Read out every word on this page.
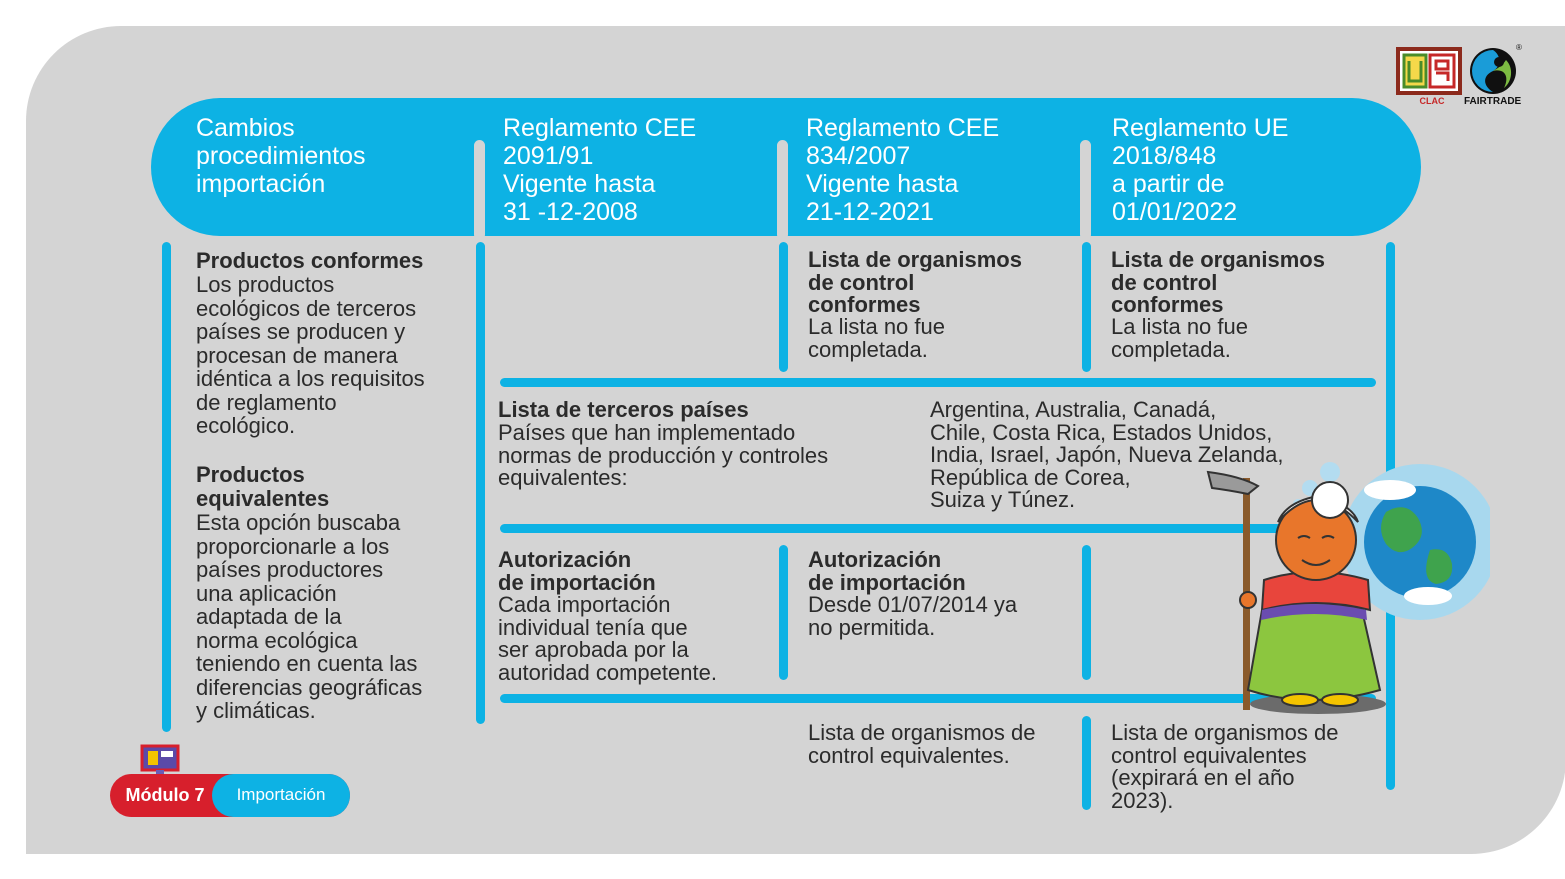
Cambios
procedimientos
importación
Reglamento CEE
2091/91
Vigente hasta
31 -12-2008
Reglamento CEE
834/2007
Vigente hasta
21-12-2021
Reglamento UE
2018/848
a partir de
01/01/2022
Productos conformes
Los productos
ecológicos de terceros
países se producen y
procesan de manera
idéntica a los requisitos
de reglamento
ecológico.
Productos
equivalentes
Esta opción buscaba
proporcionarle a los
países productores
una aplicación
adaptada de la
norma ecológica
teniendo en cuenta las
diferencias geográficas
y climáticas.
Lista de organismos
de control
conformes
La lista no fue
completada.
Lista de organismos
de control
conformes
La lista no fue
completada.
Lista de terceros países
Países que han implementado
normas de producción y controles
equivalentes:
Argentina, Australia, Canadá,
Chile, Costa Rica, Estados Unidos,
India, Israel, Japón, Nueva Zelanda,
República de Corea,
Suiza y Túnez.
Autorización
de importación
Cada importación
individual tenía que
ser aprobada por la
autoridad competente.
Autorización
de importación
Desde 01/07/2014 ya
no permitida.
Lista de organismos de
control equivalentes.
Lista de organismos de
control equivalentes
(expirará en el año
2023).
CLAC
®
FAIRTRADE
Módulo 7	Importación
